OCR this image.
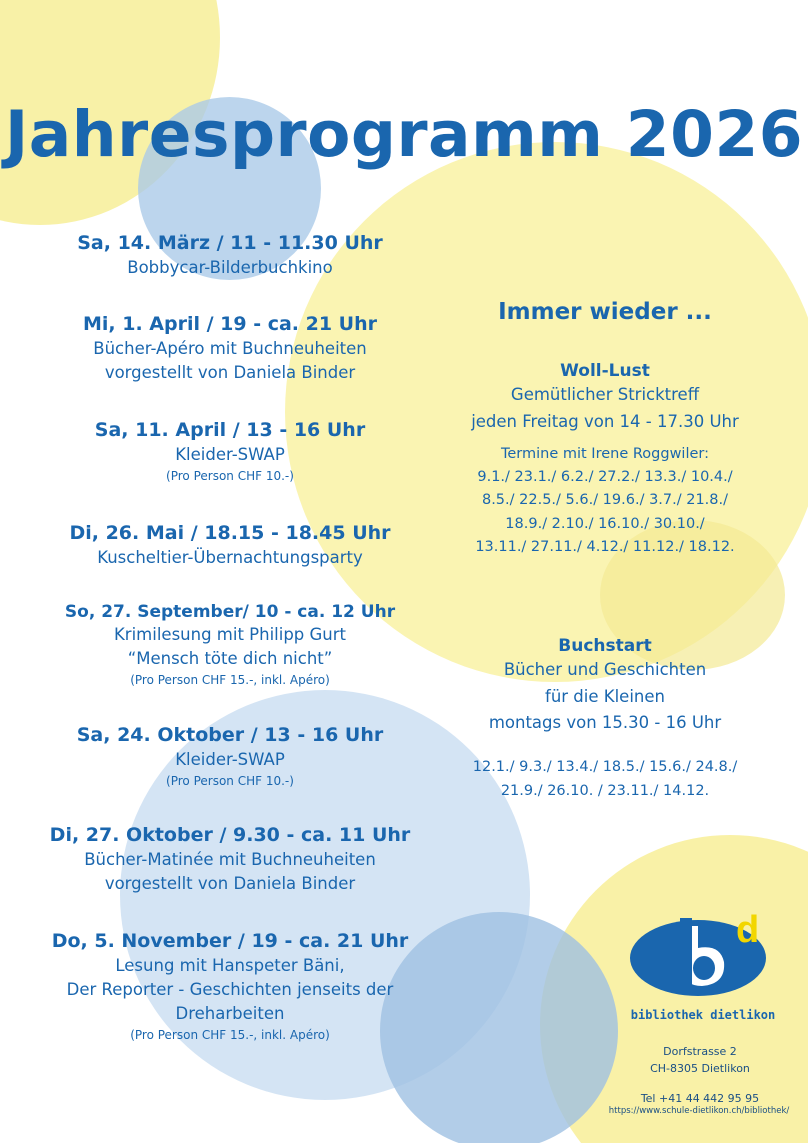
Jahresprogramm 2026

Sa, 14. März / 11 - 11.30 Uhr

Bobbycar-Bilderbuchkino

Mi, 1. April / 19 - ca. 21 Uhr

Bücher-Apéro mit Buchneuheiten

vorgestellt von Daniela Binder

Sa, 11. April / 13 - 16 Uhr

Kleider-SWAP

(Pro Person CHF 10.-)

Di, 26. Mai / 18.15 - 18.45 Uhr

Kuscheltier-Übernachtungsparty

So, 27. September/ 10 - ca. 12 Uhr

Krimilesung mit Philipp Gurt

“Mensch töte dich nicht”

(Pro Person CHF 15.-, inkl. Apéro)

Sa, 24. Oktober / 13 - 16 Uhr

Kleider-SWAP

(Pro Person CHF 10.-)

Di, 27. Oktober / 9.30 - ca. 11 Uhr

Bücher-Matinée mit Buchneuheiten

vorgestellt von Daniela Binder

Do, 5. November / 19 - ca. 21 Uhr

Lesung mit Hanspeter Bäni,

Der Reporter - Geschichten jenseits der

Dreharbeiten

(Pro Person CHF 15.-, inkl. Apéro)

Immer wieder ...

Woll-Lust

Gemütlicher Stricktreff

jeden Freitag von 14 - 17.30 Uhr

Termine mit Irene Roggwiler:

9.1./ 23.1./ 6.2./ 27.2./ 13.3./ 10.4./

8.5./ 22.5./ 5.6./ 19.6./ 3.7./ 21.8./

18.9./ 2.10./ 16.10./ 30.10./

13.11./ 27.11./ 4.12./ 11.12./ 18.12.

Buchstart

Bücher und Geschichten

für die Kleinen

montags von 15.30 - 16 Uhr

12.1./ 9.3./ 13.4./ 18.5./ 15.6./ 24.8./

21.9./ 26.10. / 23.11./ 14.12.

d
bibliothek dietlikon
Dorfstrasse 2
CH-8305 Dietlikon
Tel +41 44 442 95 95
https://www.schule-dietlikon.ch/bibliothek/
